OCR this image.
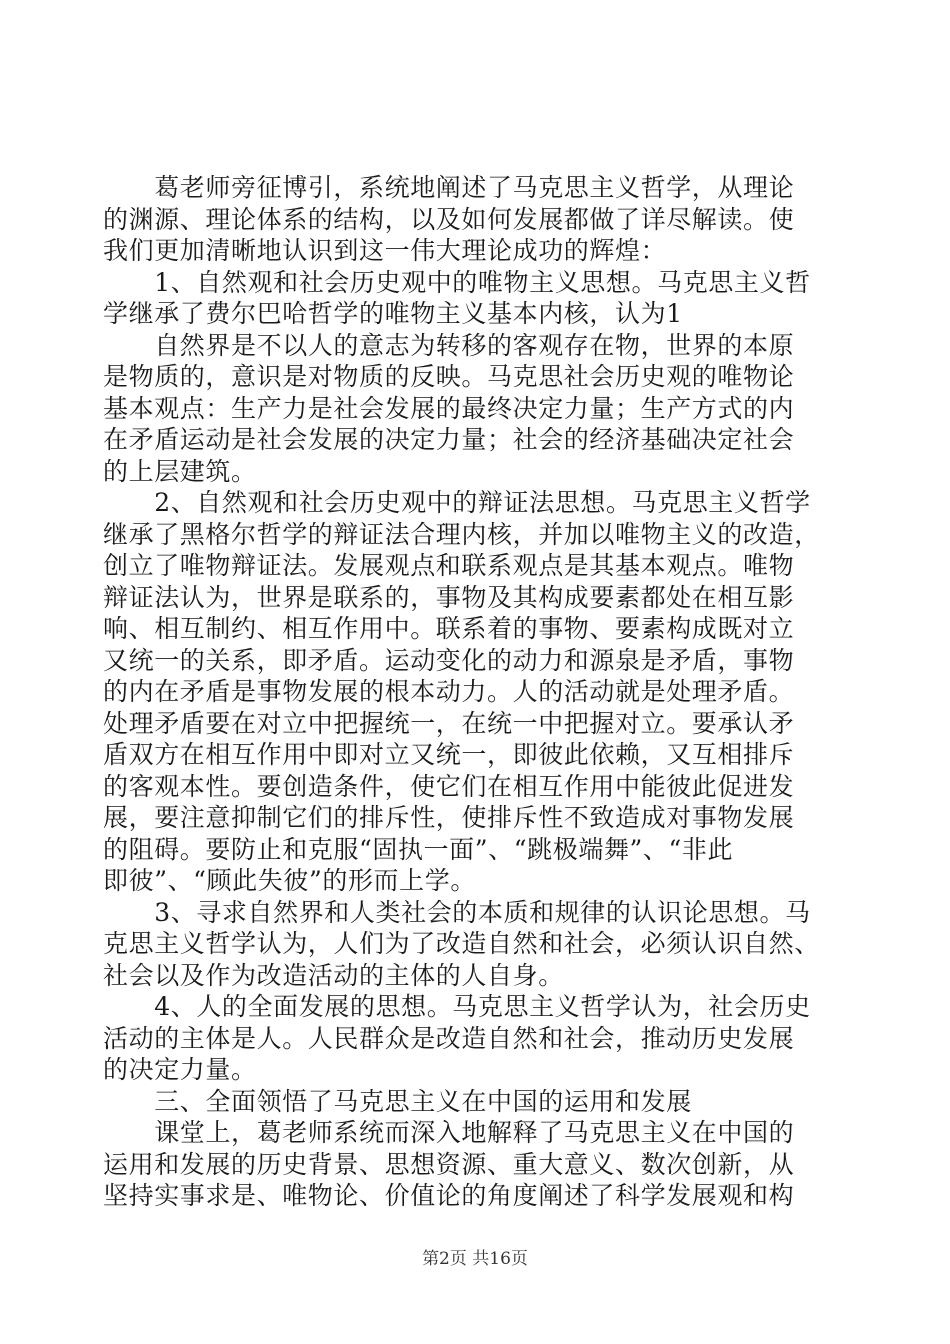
　　葛老师旁征博引，系统地阐述了马克思主义哲学，从理论
的渊源、理论体系的结构，以及如何发展都做了详尽解读。使
我们更加清晰地认识到这一伟大理论成功的辉煌：
　　1、自然观和社会历史观中的唯物主义思想。马克思主义哲
学继承了费尔巴哈哲学的唯物主义基本内核，认为1
　　自然界是不以人的意志为转移的客观存在物，世界的本原
是物质的，意识是对物质的反映。马克思社会历史观的唯物论
基本观点：生产力是社会发展的最终决定力量；生产方式的内
在矛盾运动是社会发展的决定力量；社会的经济基础决定社会
的上层建筑。
　　2、自然观和社会历史观中的辩证法思想。马克思主义哲学
继承了黑格尔哲学的辩证法合理内核，并加以唯物主义的改造，
创立了唯物辩证法。发展观点和联系观点是其基本观点。唯物
辩证法认为，世界是联系的，事物及其构成要素都处在相互影
响、相互制约、相互作用中。联系着的事物、要素构成既对立
又统一的关系，即矛盾。运动变化的动力和源泉是矛盾，事物
的内在矛盾是事物发展的根本动力。人的活动就是处理矛盾。
处理矛盾要在对立中把握统一，在统一中把握对立。要承认矛
盾双方在相互作用中即对立又统一，即彼此依赖，又互相排斥
的客观本性。要创造条件，使它们在相互作用中能彼此促进发
展，要注意抑制它们的排斥性，使排斥性不致造成对事物发展
的阻碍。要防止和克服“固执一面”、“跳极端舞”、“非此
即彼”、“顾此失彼”的形而上学。
　　3、寻求自然界和人类社会的本质和规律的认识论思想。马
克思主义哲学认为，人们为了改造自然和社会，必须认识自然、
社会以及作为改造活动的主体的人自身。
　　4、人的全面发展的思想。马克思主义哲学认为，社会历史
活动的主体是人。人民群众是改造自然和社会，推动历史发展
的决定力量。
　　三、全面领悟了马克思主义在中国的运用和发展
　　课堂上，葛老师系统而深入地解释了马克思主义在中国的
运用和发展的历史背景、思想资源、重大意义、数次创新，从
坚持实事求是、唯物论、价值论的角度阐述了科学发展观和构
第2页 共16页
